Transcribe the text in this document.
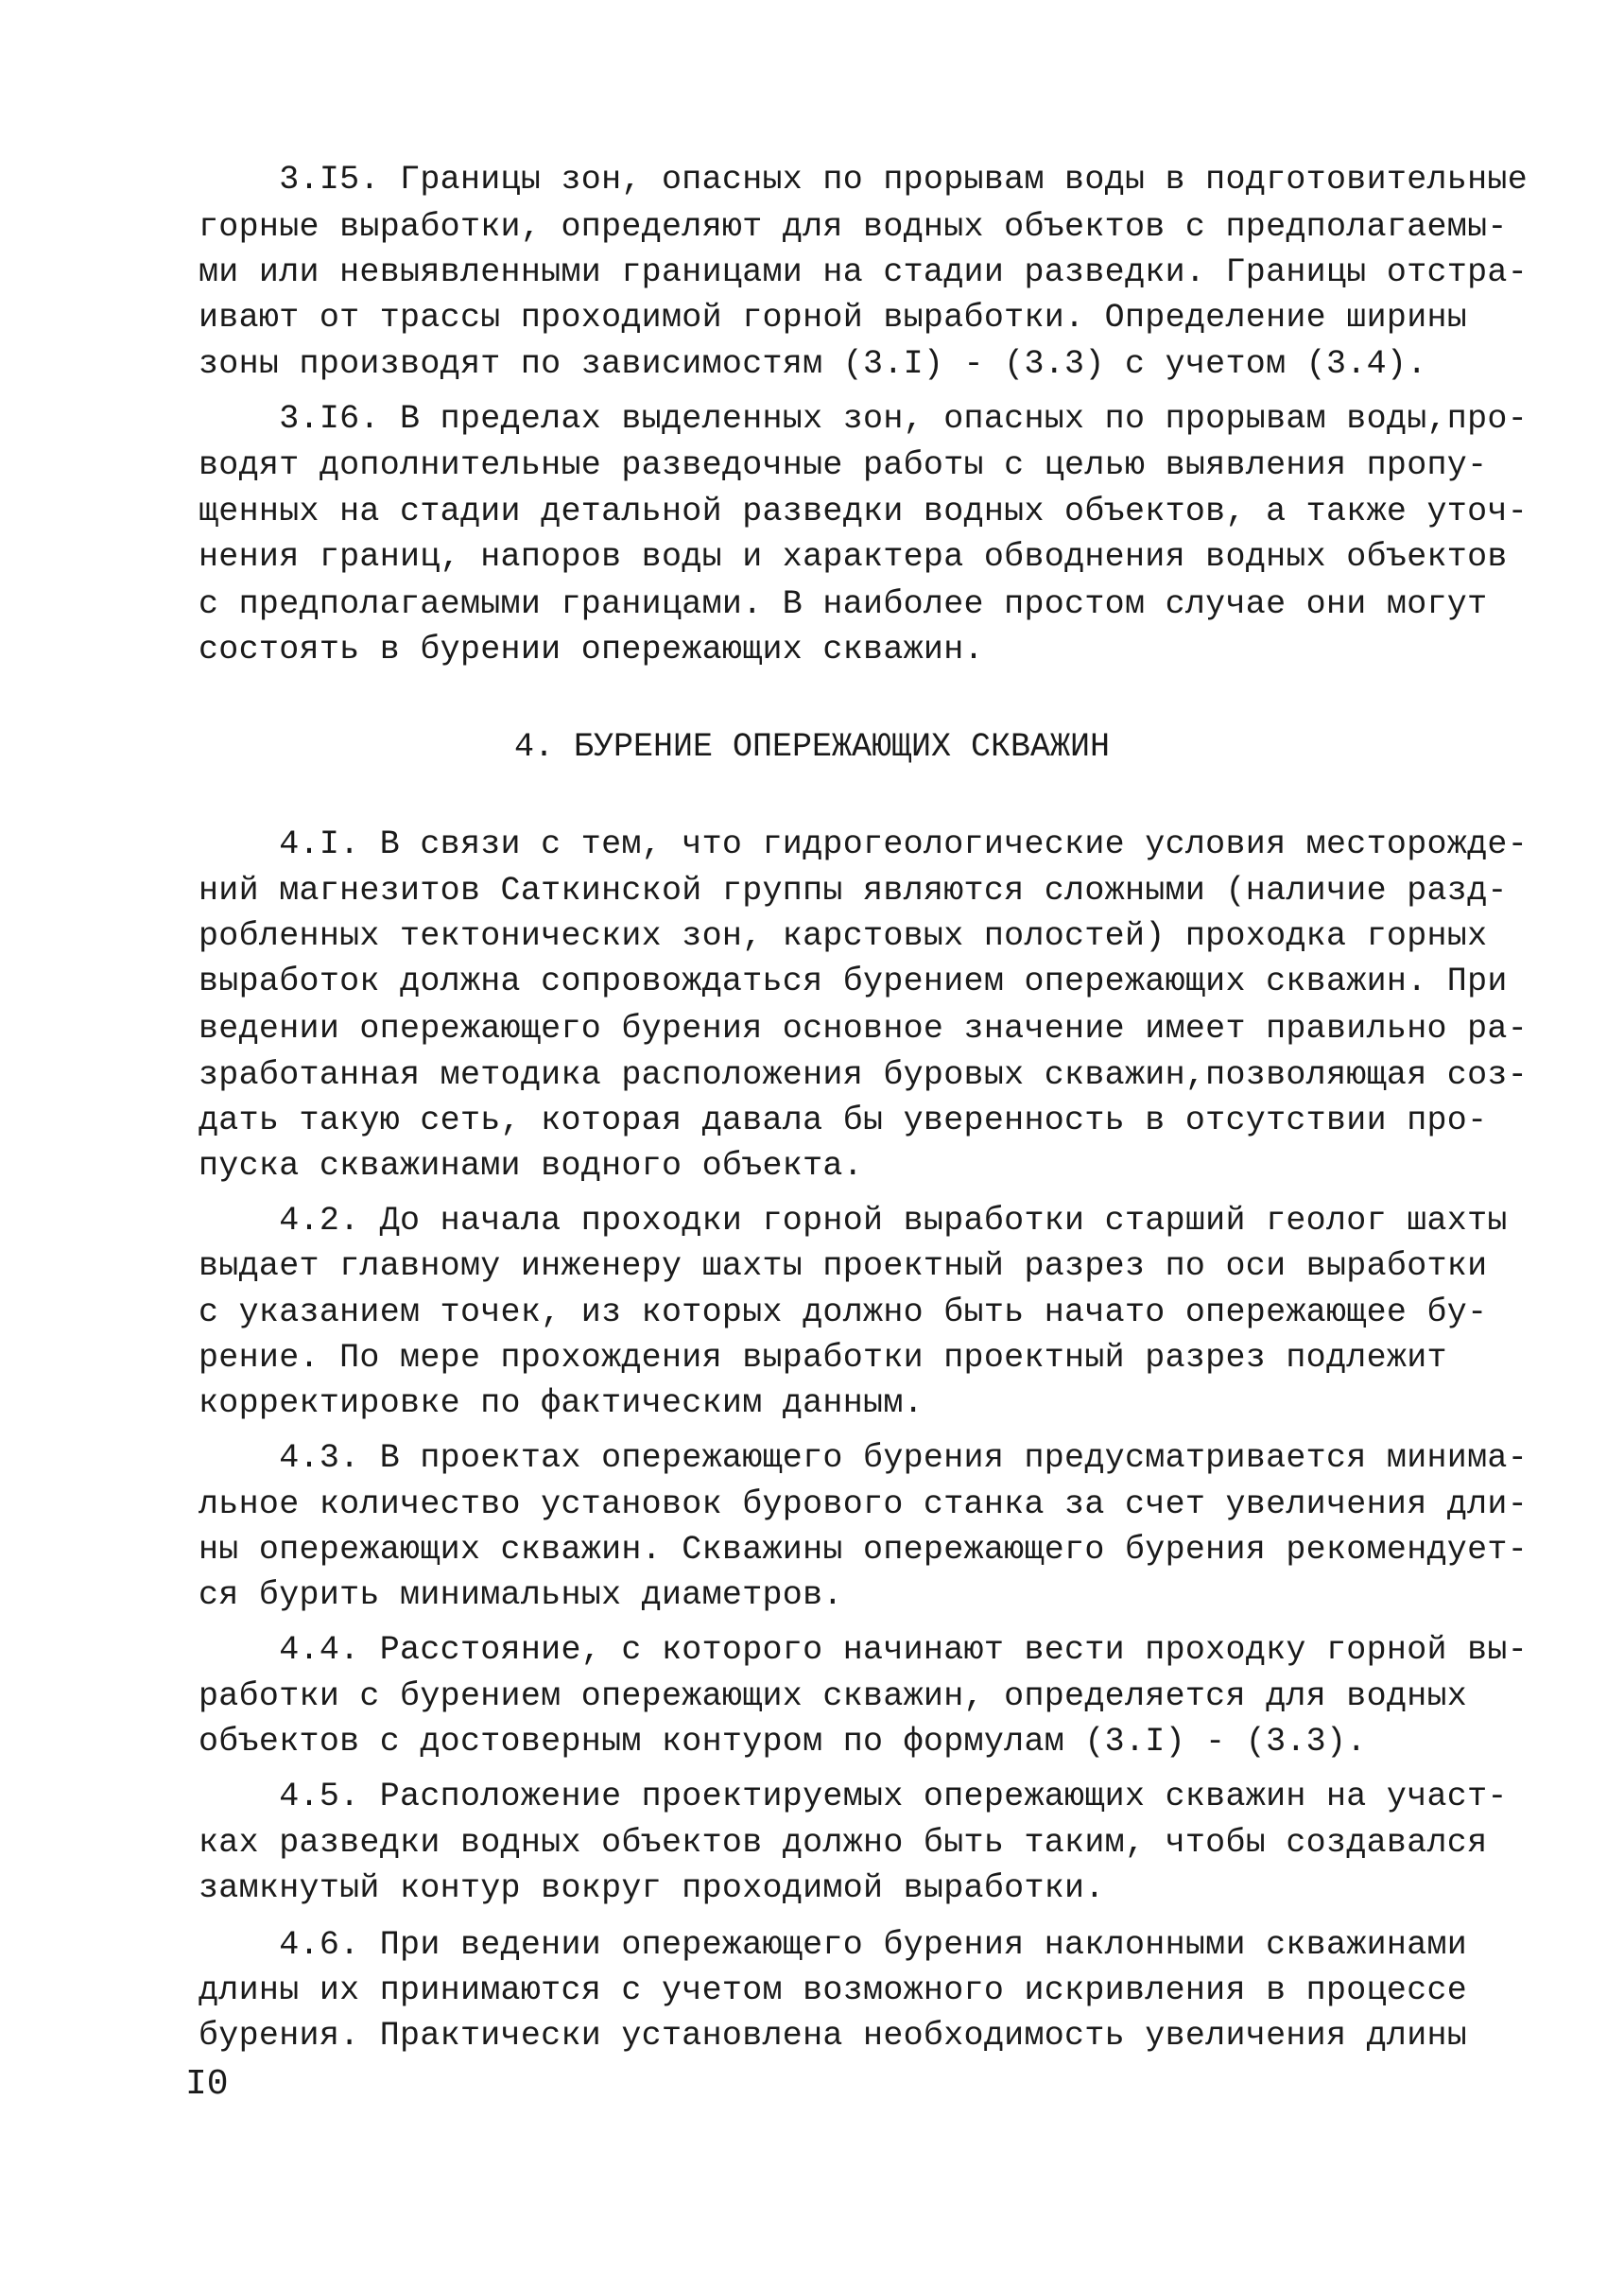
3.I5. Границы зон, опасных по прорывам воды в подготовительные
горные выработки, определяют для водных объектов с предполагаемы-
ми или невыявленными границами на стадии разведки. Границы отстра-
ивают от трассы проходимой горной выработки. Определение ширины
зоны производят по зависимостям (3.I) - (3.3) с учетом (3.4).
3.I6. В пределах выделенных зон, опасных по прорывам воды,про-
водят дополнительные разведочные работы с целью выявления пропу-
щенных на стадии детальной разведки водных объектов, а также уточ-
нения границ, напоров воды и характера обводнения водных объектов
с предполагаемыми границами. В наиболее простом случае они могут
состоять в бурении опережающих скважин.
4. БУРЕНИЕ ОПЕРЕЖАЮЩИХ СКВАЖИН
4.I. В связи с тем, что гидрогеологические условия месторожде-
ний магнезитов Саткинской группы являются сложными (наличие разд-
робленных тектонических зон, карстовых полостей) проходка горных
выработок должна сопровождаться бурением опережающих скважин. При
ведении опережающего бурения основное значение имеет правильно ра-
зработанная методика расположения буровых скважин,позволяющая соз-
дать такую сеть, которая давала бы уверенность в отсутствии про-
пуска скважинами водного объекта.
4.2. До начала проходки горной выработки старший геолог шахты
выдает главному инженеру шахты проектный разрез по оси выработки
с указанием точек, из которых должно быть начато опережающее бу-
рение. По мере прохождения выработки проектный разрез подлежит
корректировке по фактическим данным.
4.3. В проектах опережающего бурения предусматривается минима-
льное количество установок бурового станка за счет увеличения дли-
ны опережающих скважин. Скважины опережающего бурения рекомендует-
ся бурить минимальных диаметров.
4.4. Расстояние, с которого начинают вести проходку горной вы-
работки с бурением опережающих скважин, определяется для водных
объектов с достоверным контуром по формулам (3.I) - (3.3).
4.5. Расположение проектируемых опережающих скважин на участ-
ках разведки водных объектов должно быть таким, чтобы создавался
замкнутый контур вокруг проходимой выработки.
4.6. При ведении опережающего бурения наклонными скважинами
длины их принимаются с учетом возможного искривления в процессе
бурения. Практически установлена необходимость увеличения длины
I0
